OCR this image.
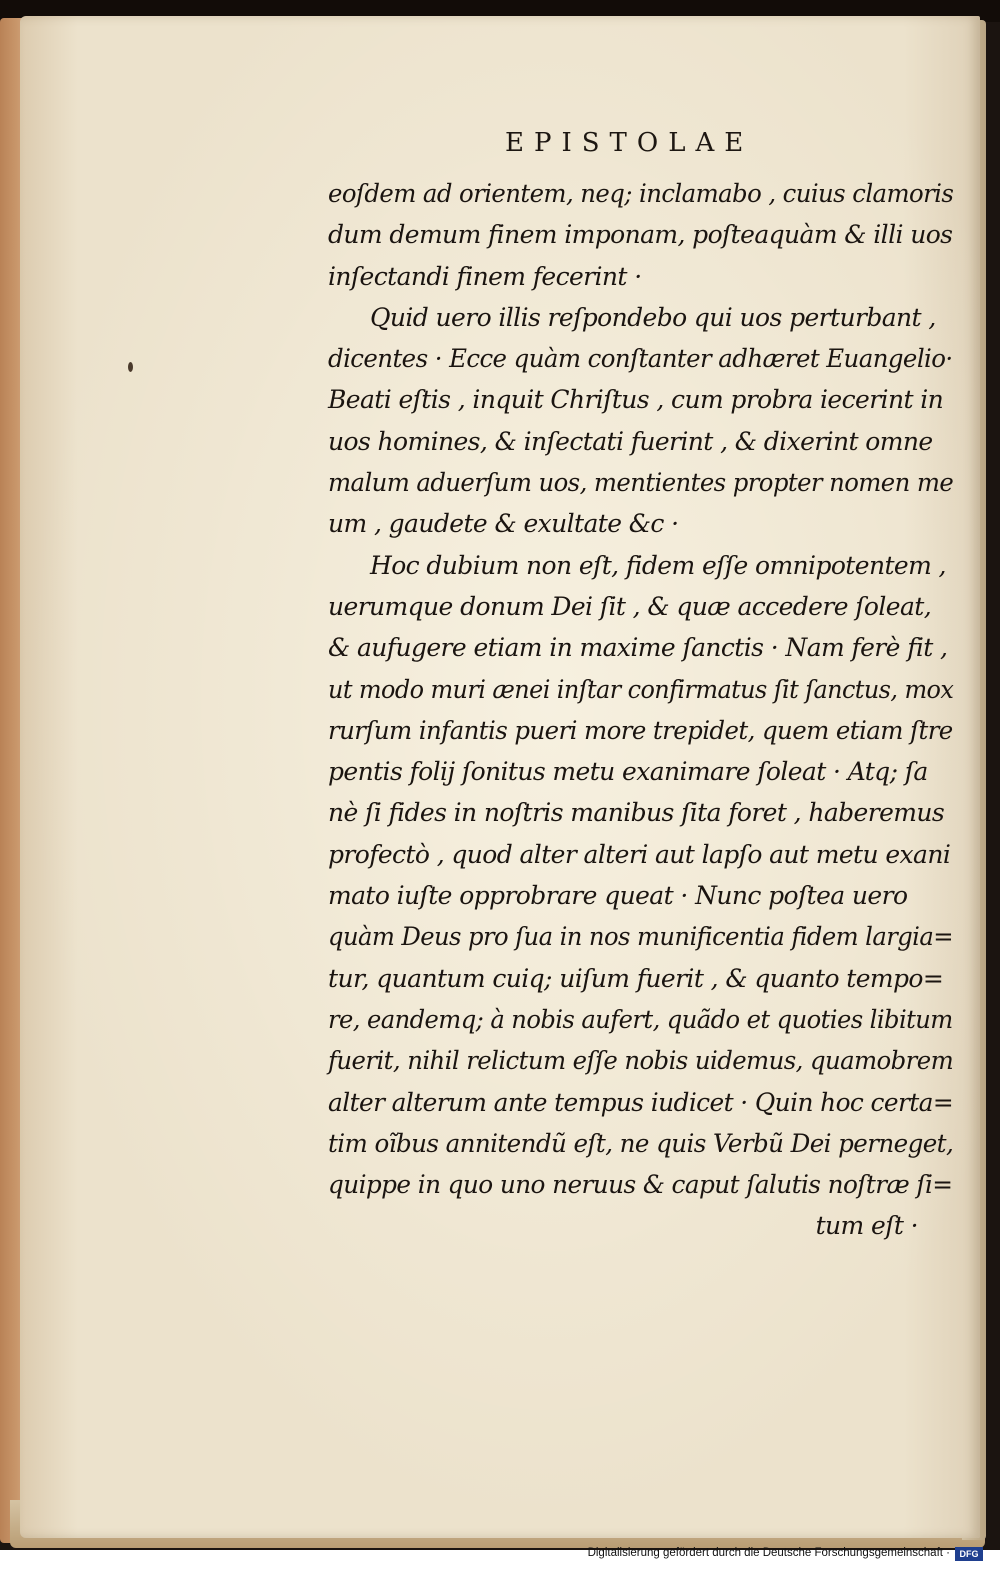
EPISTOLAE
eoſdem ad orientem, neq; inclamabo , cuius clamoris
dum demum finem imponam, poſteaquàm & illi uos
inſectandi finem fecerint ·
Quid uero illis reſpondebo qui uos perturbant ,
dicentes · Ecce quàm conſtanter adhæret Euangelio·
Beati eſtis , inquit Chriſtus , cum probra iecerint in
uos homines, & inſectati fuerint , & dixerint omne
malum aduerſum uos, mentientes propter nomen me
um , gaudete & exultate &c ·
Hoc dubium non eſt, fidem eſſe omnipotentem ,
uerumque donum Dei ſit , & quæ accedere ſoleat,
& aufugere etiam in maxime ſanctis · Nam ferè fit ,
ut modo muri ænei inſtar confirmatus ſit ſanctus, mox
rurſum infantis pueri more trepidet, quem etiam ſtre
pentis folij ſonitus metu exanimare ſoleat · Atq; ſa
nè ſi fides in noſtris manibus ſita foret , haberemus
profectò , quod alter alteri aut lapſo aut metu exani
mato iuſte opprobrare queat · Nunc poſtea uero
quàm Deus pro ſua in nos munificentia fidem largia=
tur, quantum cuiq; uiſum fuerit , & quanto tempo=
re, eandemq; à nobis aufert, quãdo et quoties libitum
fuerit, nihil relictum eſſe nobis uidemus, quamobrem
alter alterum ante tempus iudicet · Quin hoc certa=
tim oĩbus annitendũ eſt, ne quis Verbũ Dei perneget,
quippe in quo uno neruus & caput ſalutis noſtræ ſi=
tum eſt ·
Digitalisierung gefördert durch die Deutsche Forschungsgemeinschaft ·	DFG
